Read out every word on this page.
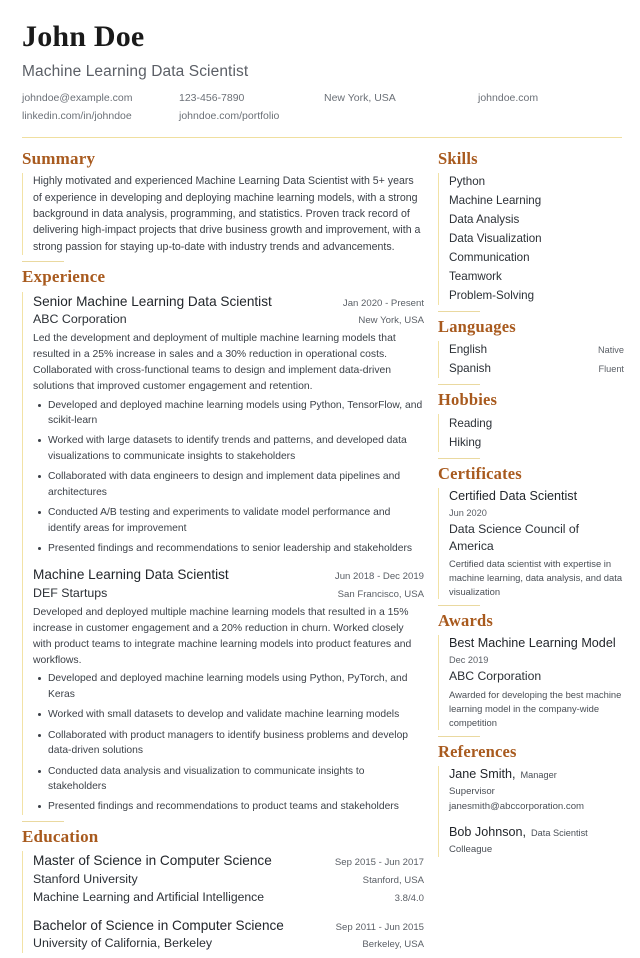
John Doe
Machine Learning Data Scientist
johndoe@example.com	123-456-7890	New York, USA	johndoe.com
linkedin.com/in/johndoe	johndoe.com/portfolio
Summary
Highly motivated and experienced Machine Learning Data Scientist with 5+ years of experience in developing and deploying machine learning models, with a strong background in data analysis, programming, and statistics. Proven track record of delivering high-impact projects that drive business growth and improvement, with a strong passion for staying up-to-date with industry trends and advancements.
Experience
Senior Machine Learning Data Scientist	Jan 2020 - Present
ABC Corporation	New York, USA
Led the development and deployment of multiple machine learning models that resulted in a 25% increase in sales and a 30% reduction in operational costs. Collaborated with cross-functional teams to design and implement data-driven solutions that improved customer engagement and retention.
Developed and deployed machine learning models using Python, TensorFlow, and scikit-learn
Worked with large datasets to identify trends and patterns, and developed data visualizations to communicate insights to stakeholders
Collaborated with data engineers to design and implement data pipelines and architectures
Conducted A/B testing and experiments to validate model performance and identify areas for improvement
Presented findings and recommendations to senior leadership and stakeholders
Machine Learning Data Scientist	Jun 2018 - Dec 2019
DEF Startups	San Francisco, USA
Developed and deployed multiple machine learning models that resulted in a 15% increase in customer engagement and a 20% reduction in churn. Worked closely with product teams to integrate machine learning models into product features and workflows.
Developed and deployed machine learning models using Python, PyTorch, and Keras
Worked with small datasets to develop and validate machine learning models
Collaborated with product managers to identify business problems and develop data-driven solutions
Conducted data analysis and visualization to communicate insights to stakeholders
Presented findings and recommendations to product teams and stakeholders
Education
Master of Science in Computer Science	Sep 2015 - Jun 2017
Stanford University	Stanford, USA
Machine Learning and Artificial Intelligence	3.8/4.0
Bachelor of Science in Computer Science	Sep 2011 - Jun 2015
University of California, Berkeley	Berkeley, USA
Skills
Python
Machine Learning
Data Analysis
Data Visualization
Communication
Teamwork
Problem-Solving
Languages
English	Native
Spanish	Fluent
Hobbies
Reading
Hiking
Certificates
Certified Data Scientist
Jun 2020
Data Science Council of America
Certified data scientist with expertise in machine learning, data analysis, and data visualization
Awards
Best Machine Learning Model
Dec 2019
ABC Corporation
Awarded for developing the best machine learning model in the company-wide competition
References
Jane Smith, Manager
Supervisor
janesmith@abccorporation.com
Bob Johnson, Data Scientist
Colleague
